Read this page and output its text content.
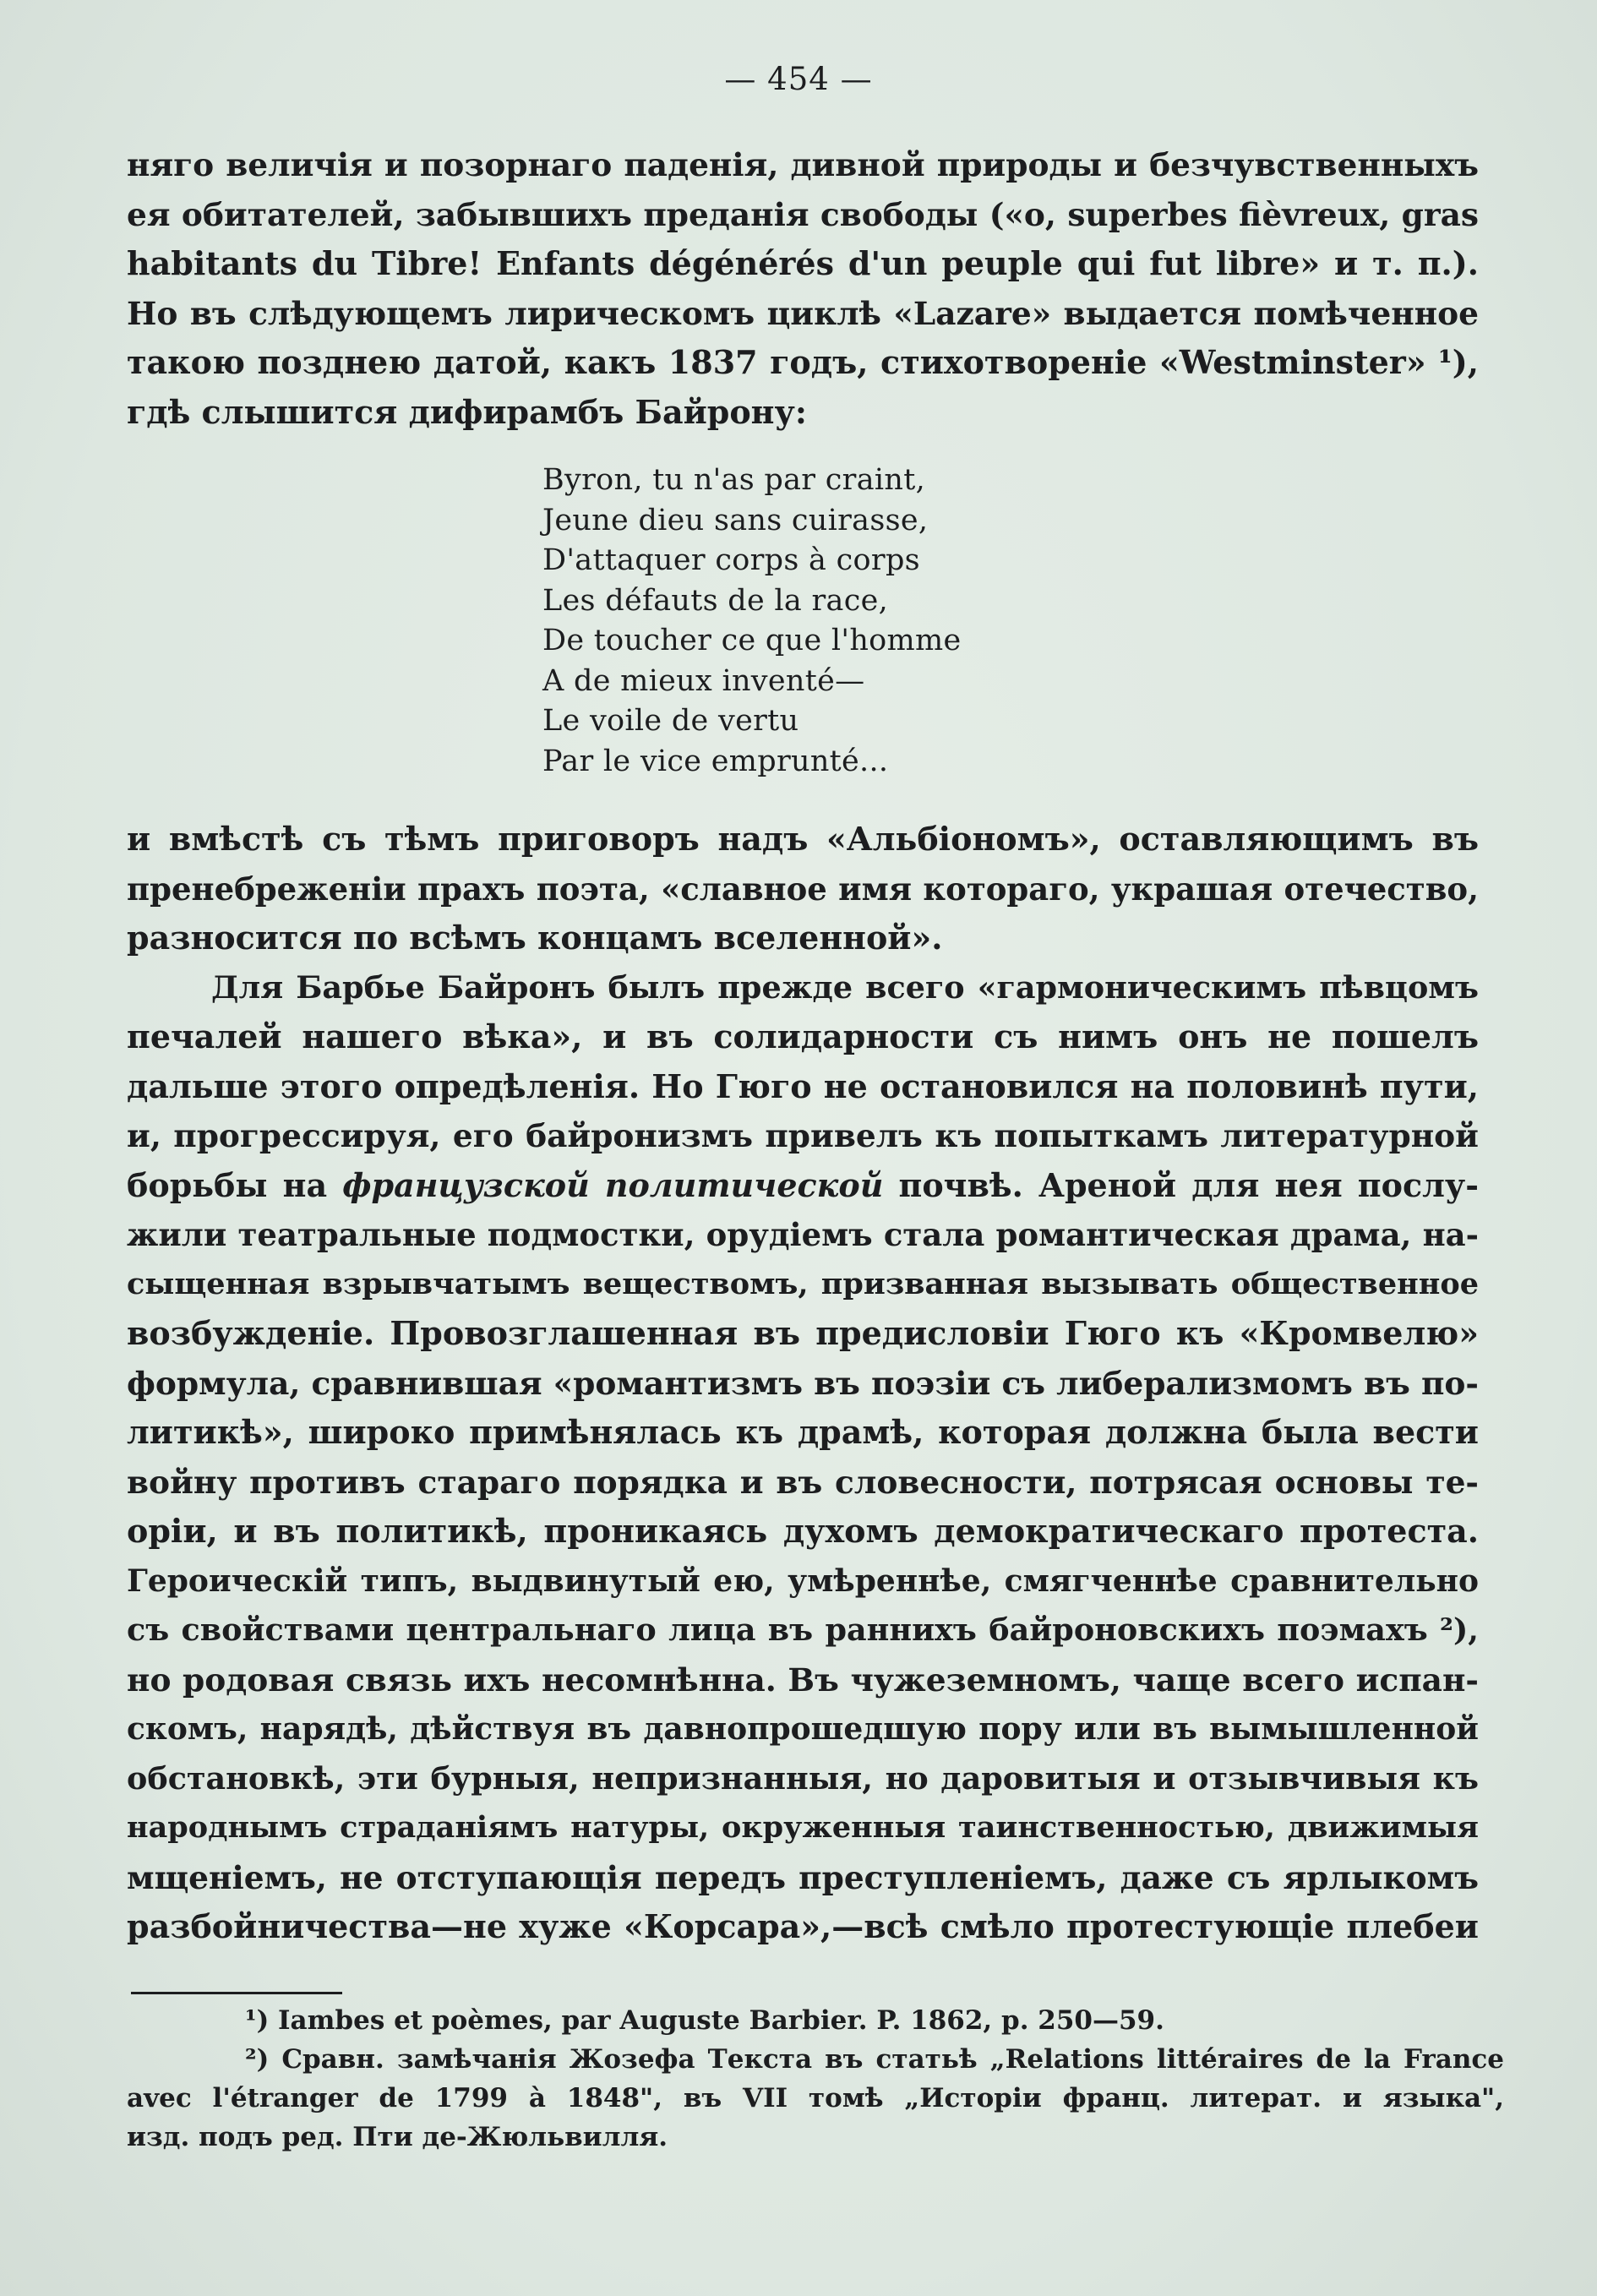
— 454 —
няго величія и позорнаго паденія, дивной природы и безчувственныхъ
ея обитателей, забывшихъ преданія свободы («o, superbes fièvreux, gras
habitants du Tibre! Enfants dégénérés d'un peuple qui fut libre» и т. п.).
Но въ слѣдующемъ лирическомъ циклѣ «Lazare» выдается помѣченное
такою позднею датой, какъ 1837 годъ, стихотвореніе «Westminster» ¹),
гдѣ слышится дифирамбъ Байрону:
Byron, tu n'as par craint,
Jeune dieu sans cuirasse,
D'attaquer corps à corps
Les défauts de la race,
De toucher ce que l'homme
A de mieux inventé—
Le voile de vertu
Par le vice emprunté...
и вмѣстѣ съ тѣмъ приговоръ надъ «Альбіономъ», оставляющимъ въ
пренебреженіи прахъ поэта, «славное имя котораго, украшая отечество,
разносится по всѣмъ концамъ вселенной».
Для Барбье Байронъ былъ прежде всего «гармоническимъ пѣвцомъ
печалей нашего вѣка», и въ солидарности съ нимъ онъ не пошелъ
дальше этого опредѣленія. Но Гюго не остановился на половинѣ пути,
и, прогрессируя, его байронизмъ привелъ къ попыткамъ литературной
борьбы на французской политической почвѣ. Ареной для нея послу-
жили театральные подмостки, орудіемъ стала романтическая драма, на-
сыщенная взрывчатымъ веществомъ, призванная вызывать общественное
возбужденіе. Провозглашенная въ предисловіи Гюго къ «Кромвелю»
формула, сравнившая «романтизмъ въ поэзіи съ либерализмомъ въ по-
литикѣ», широко примѣнялась къ драмѣ, которая должна была вести
войну противъ стараго порядка и въ словесности, потрясая основы те-
оріи, и въ политикѣ, проникаясь духомъ демократическаго протеста.
Героическій типъ, выдвинутый ею, умѣреннѣе, смягченнѣе сравнительно
съ свойствами центральнаго лица въ раннихъ байроновскихъ поэмахъ ²),
но родовая связь ихъ несомнѣнна. Въ чужеземномъ, чаще всего испан-
скомъ, нарядѣ, дѣйствуя въ давнопрошедшую пору или въ вымышленной
обстановкѣ, эти бурныя, непризнанныя, но даровитыя и отзывчивыя къ
народнымъ страданіямъ натуры, окруженныя таинственностью, движимыя
мщеніемъ, не отступающія передъ преступленіемъ, даже съ ярлыкомъ
разбойничества—не хуже «Корсара»,—всѣ смѣло протестующіе плебеи
¹) Iambes et poèmes, par Auguste Barbier. P. 1862, p. 250—59.
²) Сравн. замѣчанія Жозефа Текста въ статьѣ „Relations littéraires de la France
avec l'étranger de 1799 à 1848", въ VII томѣ „Исторіи франц. литерат. и языка",
изд. подъ ред. Пти де-Жюльвилля.
